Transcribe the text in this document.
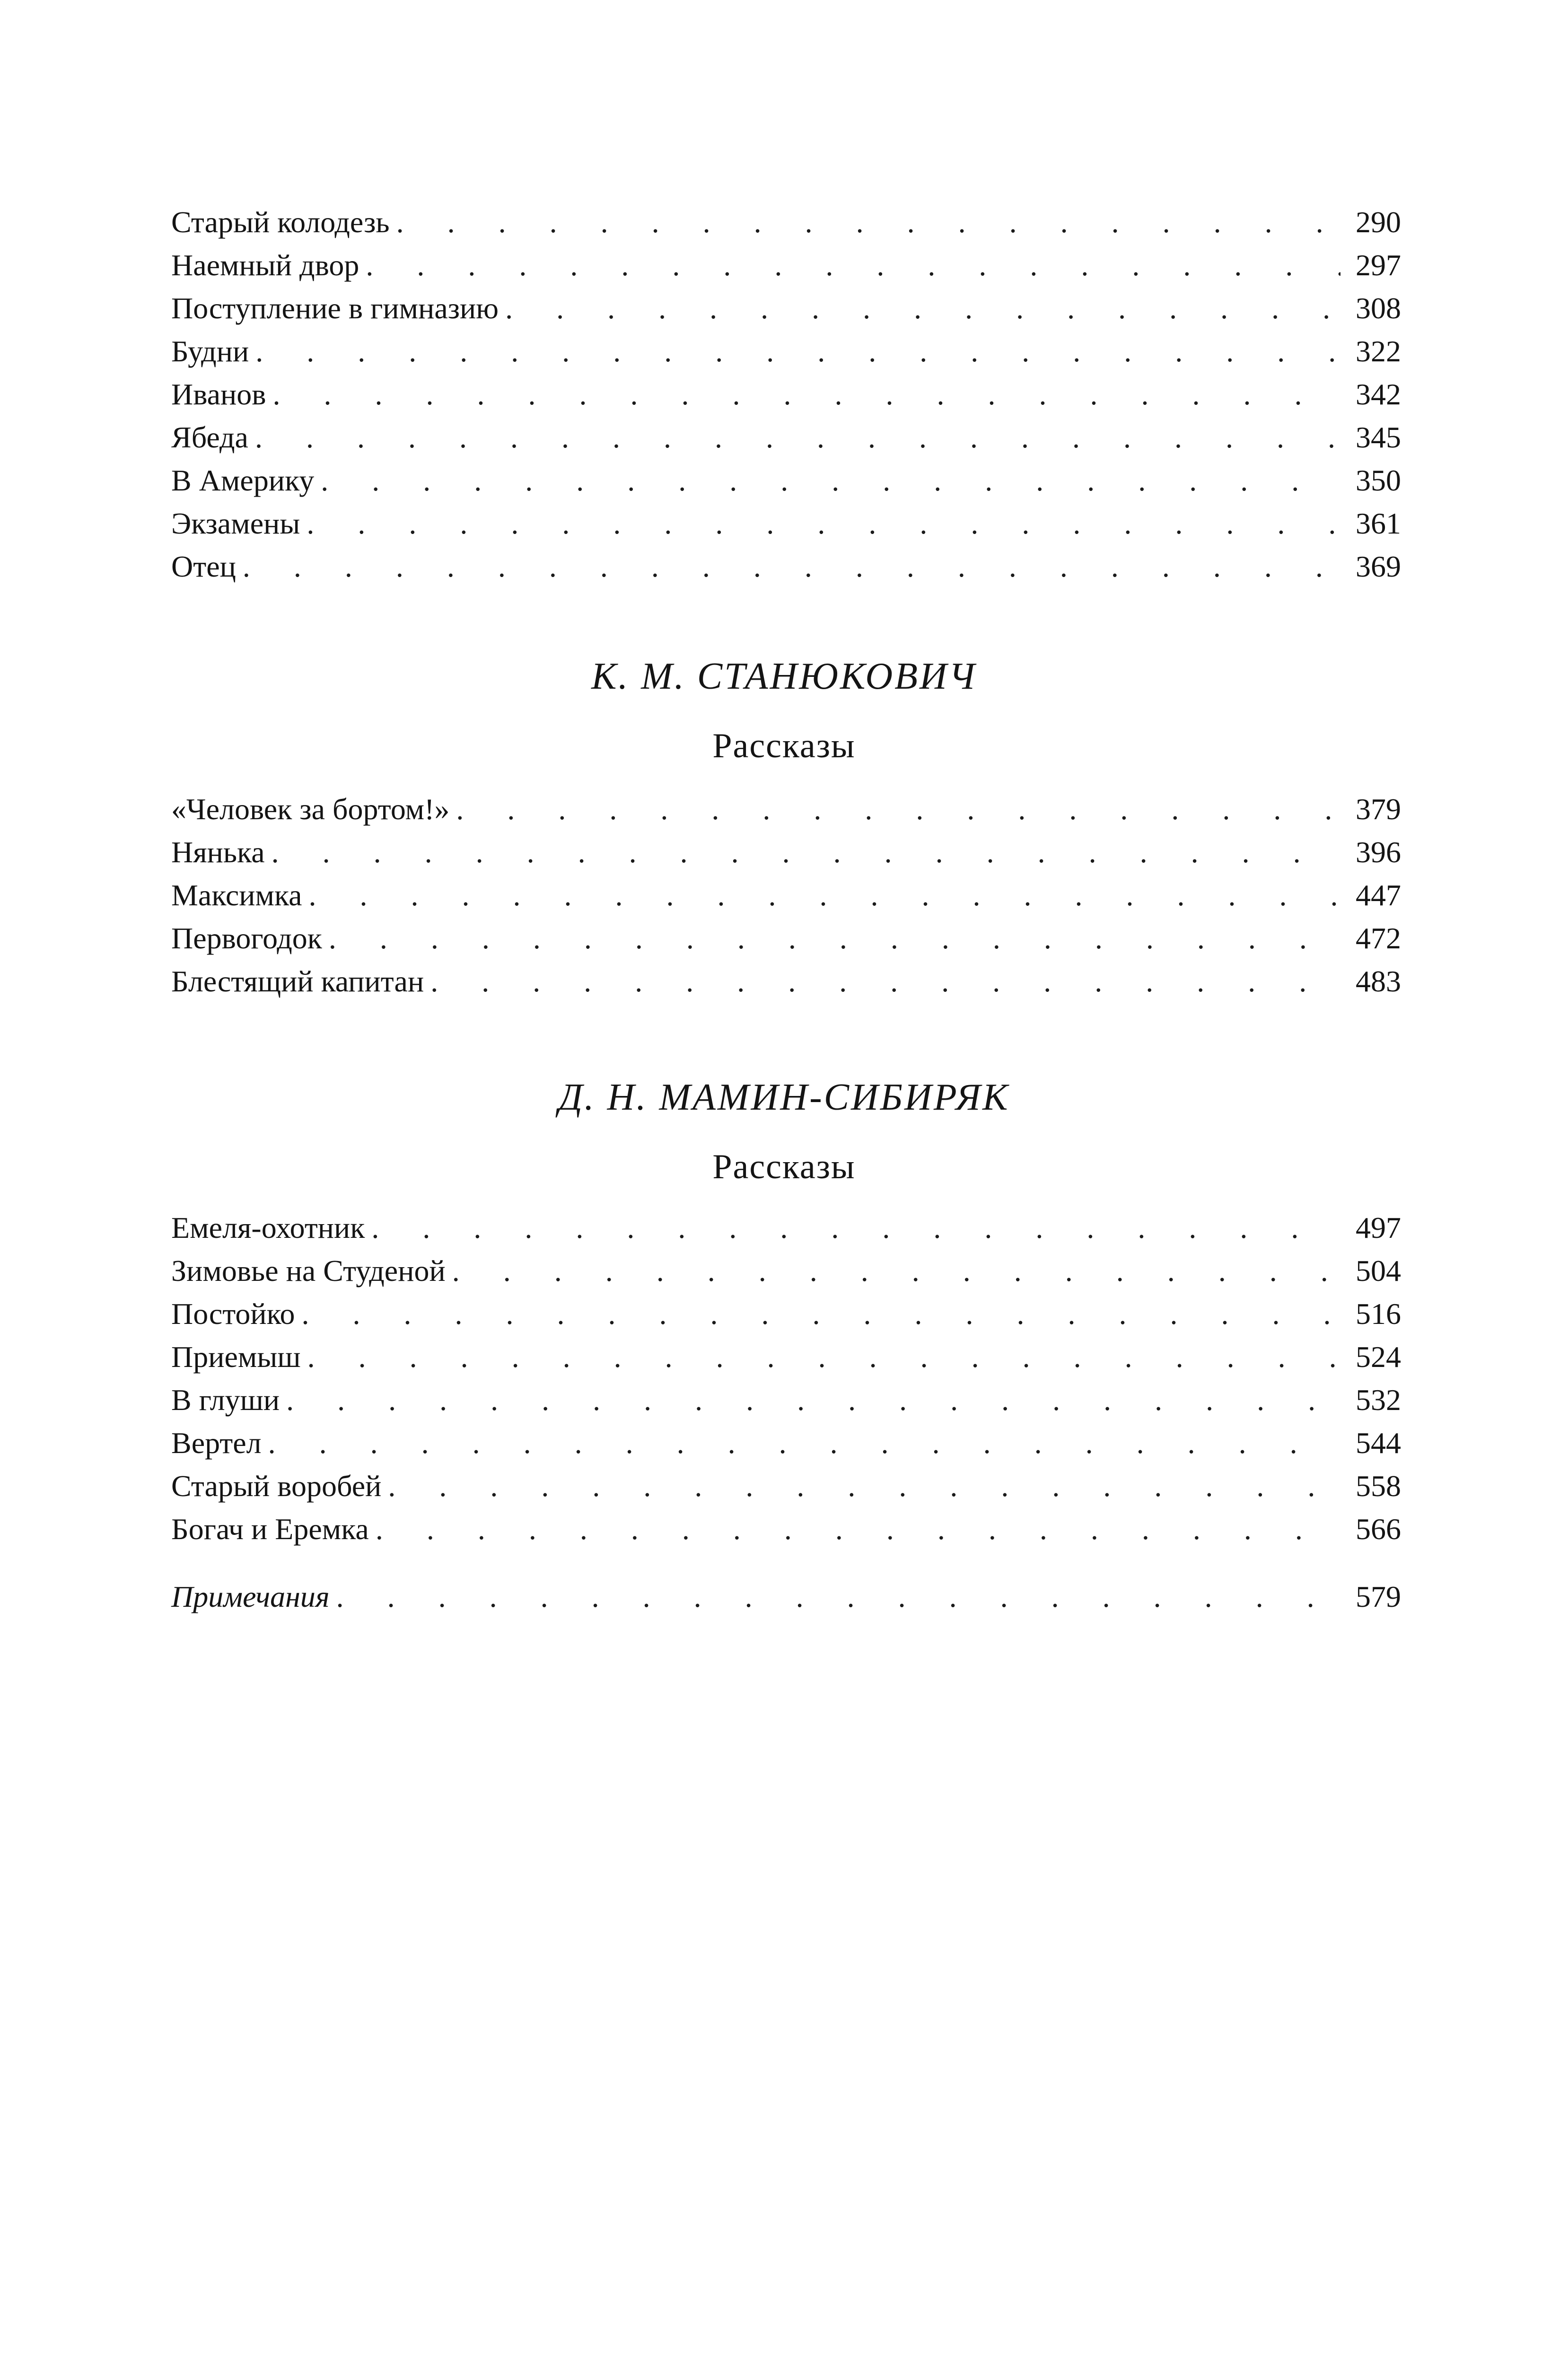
Старый колодезь . . .	290
Наемный двор . . .	297
Поступление в гимназию . . .	308
Будни . . .	322
Иванов . . .	342
Ябеда . . .	345
В Америку . . .	350
Экзамены . . .	361
Отец . . .	369
К. М. СТАНЮКОВИЧ
Рассказы
«Человек за бортом!» . . .	379
Нянька . . .	396
Максимка . . .	447
Первогодок . . .	472
Блестящий капитан . . .	483
Д. Н. МАМИН-СИБИРЯК
Рассказы
Емеля-охотник . . .	497
Зимовье на Студеной . . .	504
Постойко . . .	516
Приемыш . . .	524
В глуши . . .	532
Вертел . . .	544
Старый воробей . . .	558
Богач и Еремка . . .	566
Примечания . . .	579
